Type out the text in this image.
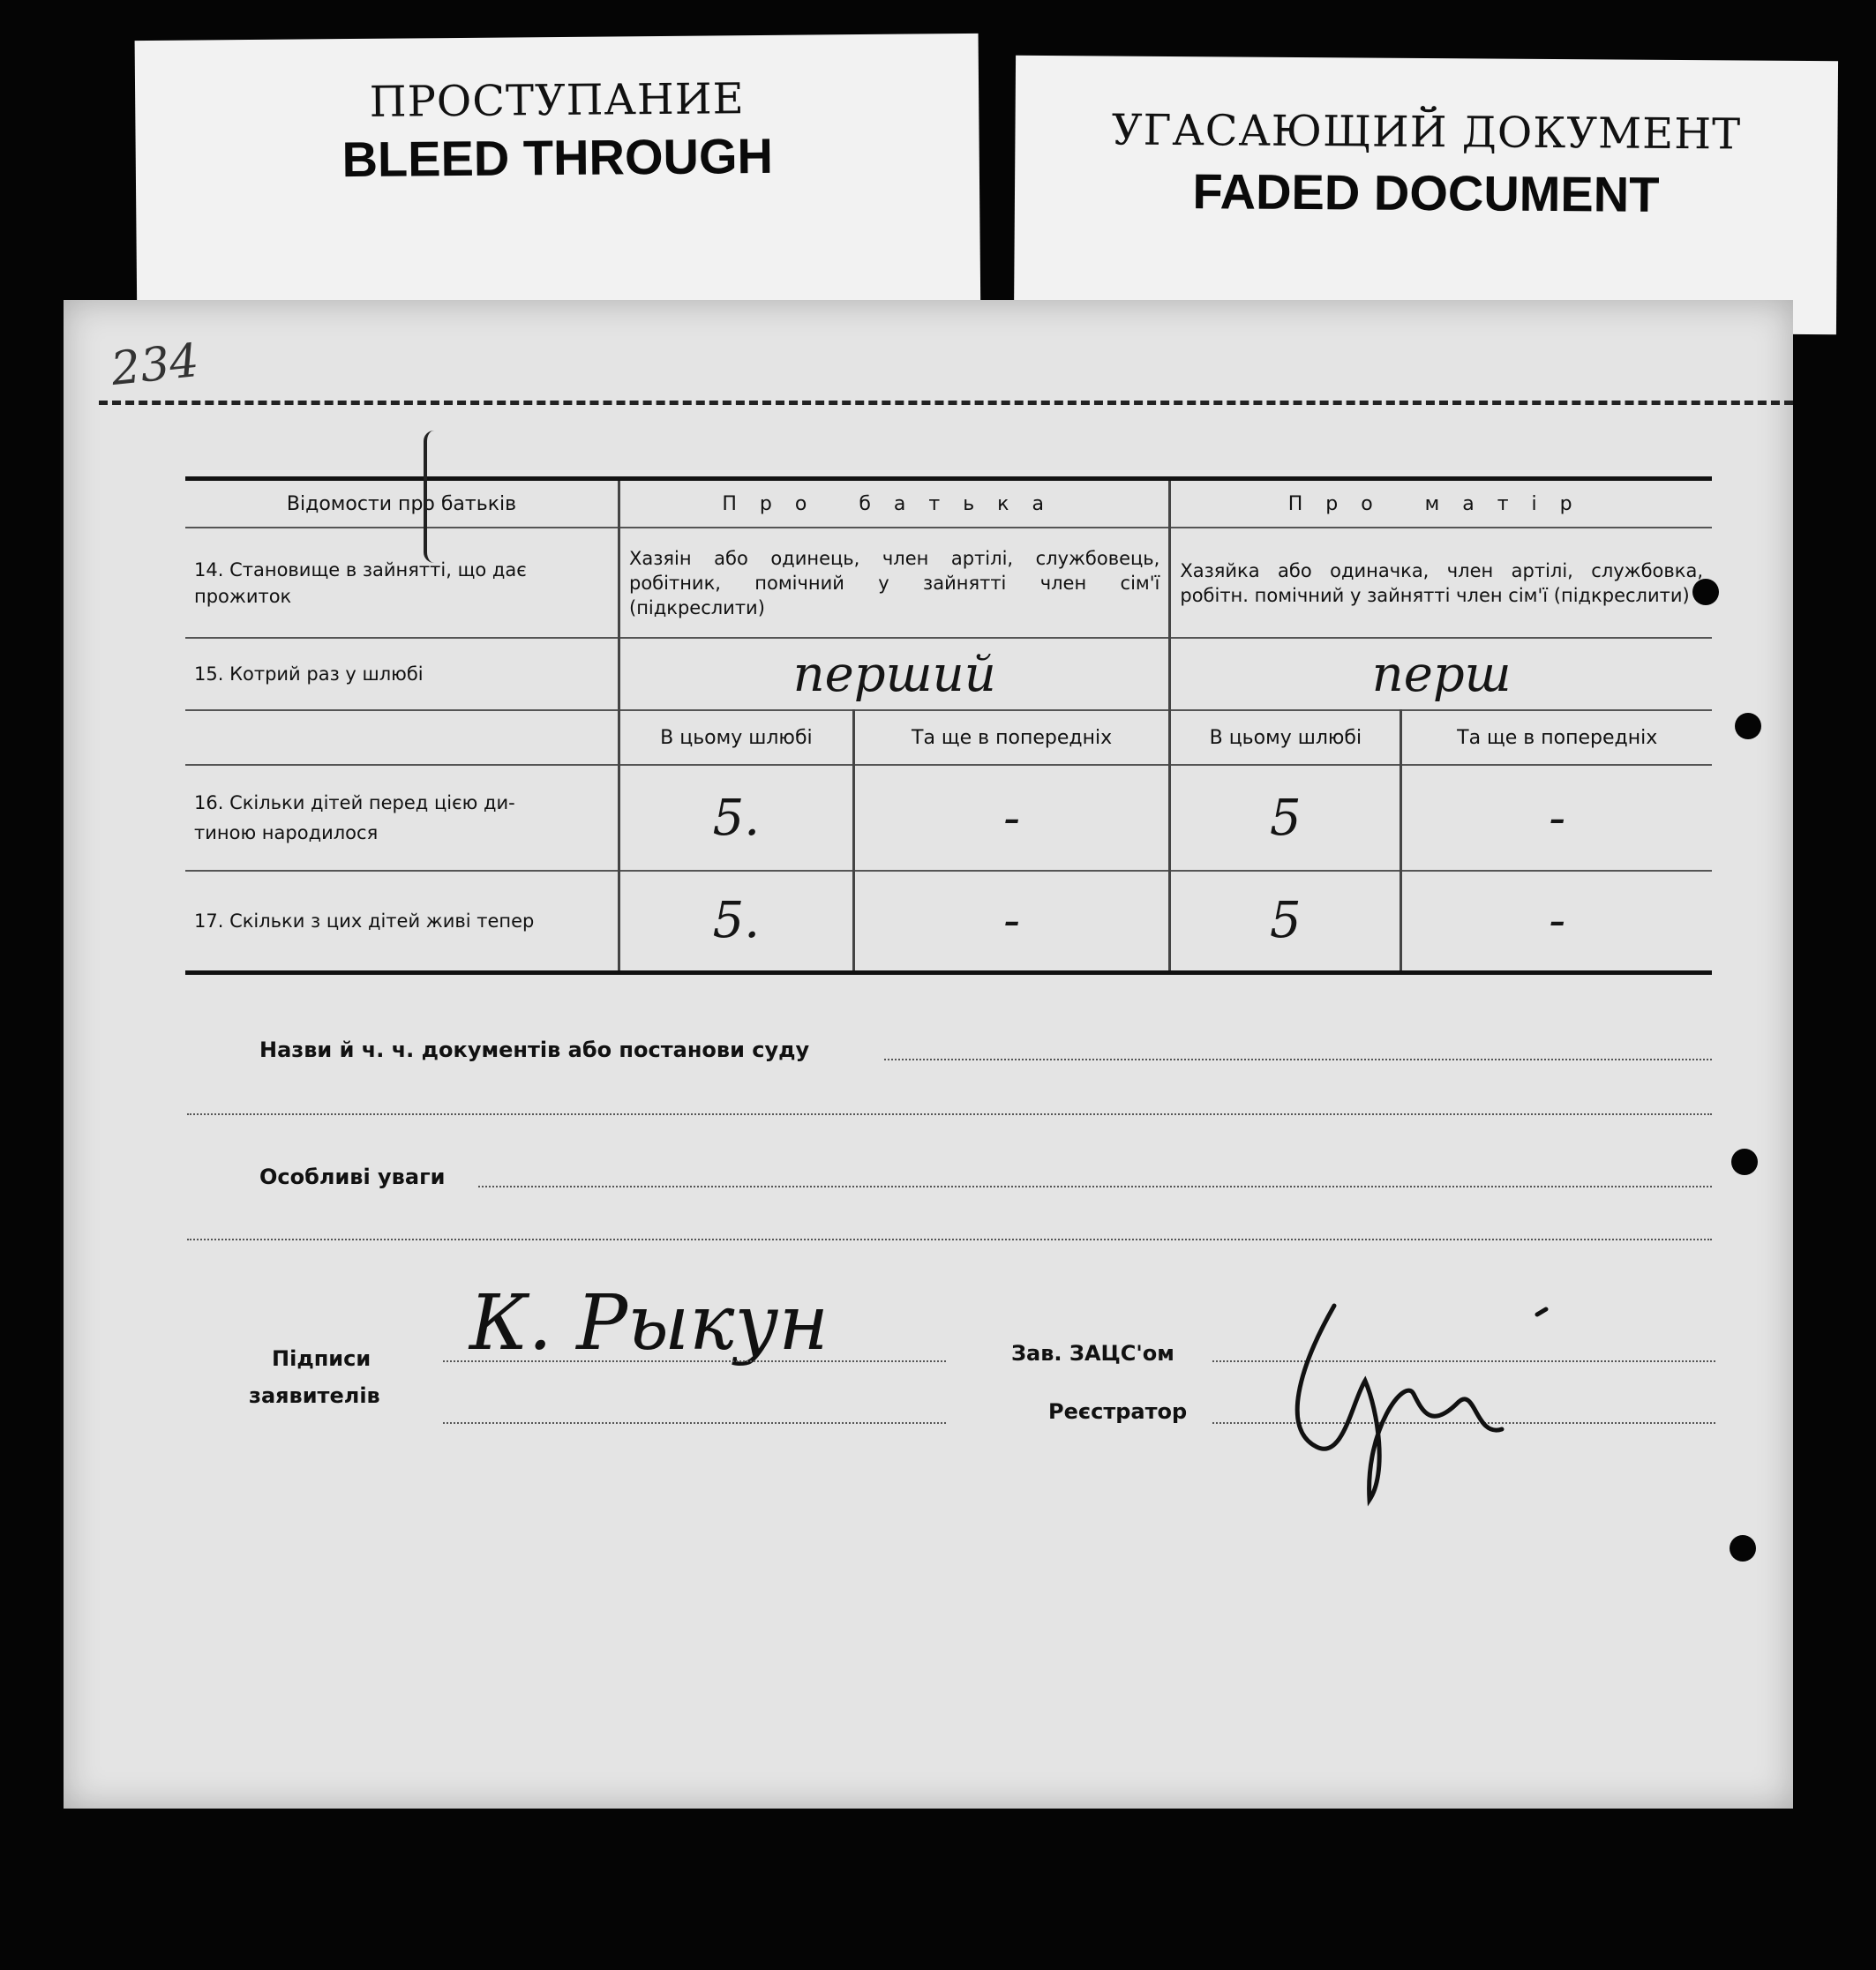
ПРОСТУПАНИЕ
BLEED THROUGH	УГАСАЮЩИЙ ДОКУМЕНТ
FADED DOCUMENT
234
Відомости про батьків	Про батька		Про матір	

14. Становище в зайнятті, що дає
прожиток	Хазяін або одинець, член артілі, службовець, робітник, помічний у зайнятті член сім'ї (підкреслити)		Хазяйка або одиначка, член артілі, службовка, робітн. помічний у зайнятті член сім'ї (підкреслити)	
15. Котрий раз у шлюбі	перший		перш	
	В цьому шлюбі	Та ще в попередніх	В цьому шлюбі	Та ще в попередніх

16. Скільки дітей перед цією ди-
тиною народилося	5.	-	5	-
17. Скільки з цих дітей живі тепер	5.	-	5	-
Назви й ч. ч. документів або постанови суду
Особливі уваги
Підписи
заявителів
К. Рыкун	Зав. ЗАЦС'ом
Реєстратор
